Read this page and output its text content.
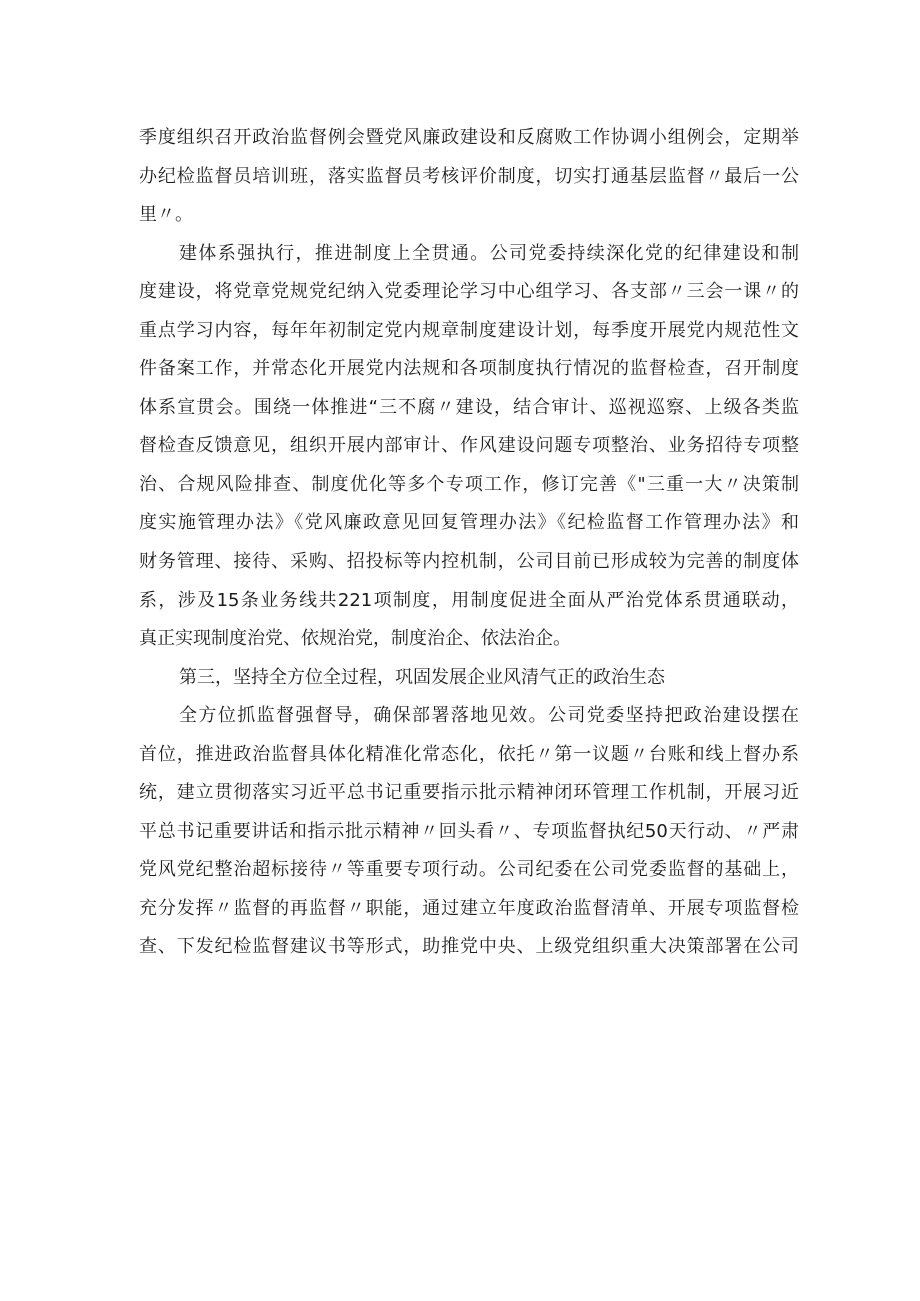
季度组织召开政治监督例会暨党风廉政建设和反腐败工作协调小组例会，定期举
办纪检监督员培训班，落实监督员考核评价制度，切实打通基层监督〃最后一公
里〃。
建体系强执行，推进制度上全贯通。公司党委持续深化党的纪律建设和制
度建设，将党章党规党纪纳入党委理论学习中心组学习、各支部〃三会一课〃的
重点学习内容，每年年初制定党内规章制度建设计划，每季度开展党内规范性文
件备案工作，并常态化开展党内法规和各项制度执行情况的监督检查，召开制度
体系宣贯会。围绕一体推进“三不腐〃建设，结合审计、巡视巡察、上级各类监
督检查反馈意见，组织开展内部审计、作风建设问题专项整治、业务招待专项整
治、合规风险排查、制度优化等多个专项工作，修订完善《"三重一大〃决策制
度实施管理办法》《党风廉政意见回复管理办法》《纪检监督工作管理办法》和
财务管理、接待、采购、招投标等内控机制，公司目前已形成较为完善的制度体
系，涉及15条业务线共221项制度，用制度促进全面从严治党体系贯通联动，
真正实现制度治党、依规治党，制度治企、依法治企。
第三，坚持全方位全过程，巩固发展企业风清气正的政治生态
全方位抓监督强督导，确保部署落地见效。公司党委坚持把政治建设摆在
首位，推进政治监督具体化精准化常态化，依托〃第一议题〃台账和线上督办系
统，建立贯彻落实习近平总书记重要指示批示精神闭环管理工作机制，开展习近
平总书记重要讲话和指示批示精神〃回头看〃、专项监督执纪50天行动、〃严肃
党风党纪整治超标接待〃等重要专项行动。公司纪委在公司党委监督的基础上，
充分发挥〃监督的再监督〃职能，通过建立年度政治监督清单、开展专项监督检
查、下发纪检监督建议书等形式，助推党中央、上级党组织重大决策部署在公司
